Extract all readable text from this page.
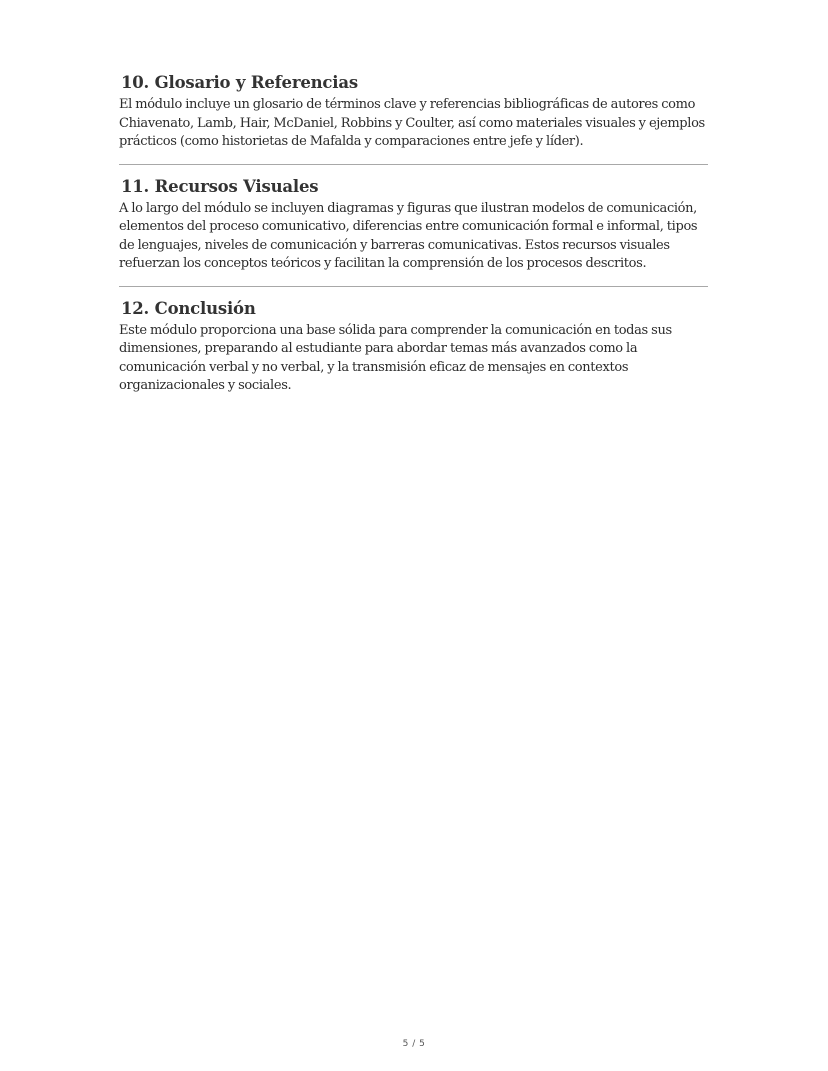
10. Glosario y Referencias

El módulo incluye un glosario de términos clave y referencias bibliográficas de autores como Chiavenato, Lamb, Hair, McDaniel, Robbins y Coulter, así como materiales visuales y ejemplos prácticos (como historietas de Mafalda y comparaciones entre jefe y líder).

11. Recursos Visuales

A lo largo del módulo se incluyen diagramas y figuras que ilustran modelos de comunicación, elementos del proceso comunicativo, diferencias entre comunicación formal e informal, tipos de lenguajes, niveles de comunicación y barreras comunicativas. Estos recursos visuales refuerzan los conceptos teóricos y facilitan la comprensión de los procesos descritos.

12. Conclusión

Este módulo proporciona una base sólida para comprender la comunicación en todas sus dimensiones, preparando al estudiante para abordar temas más avanzados como la comunicación verbal y no verbal, y la transmisión eficaz de mensajes en contextos organizacionales y sociales.

5 / 5
